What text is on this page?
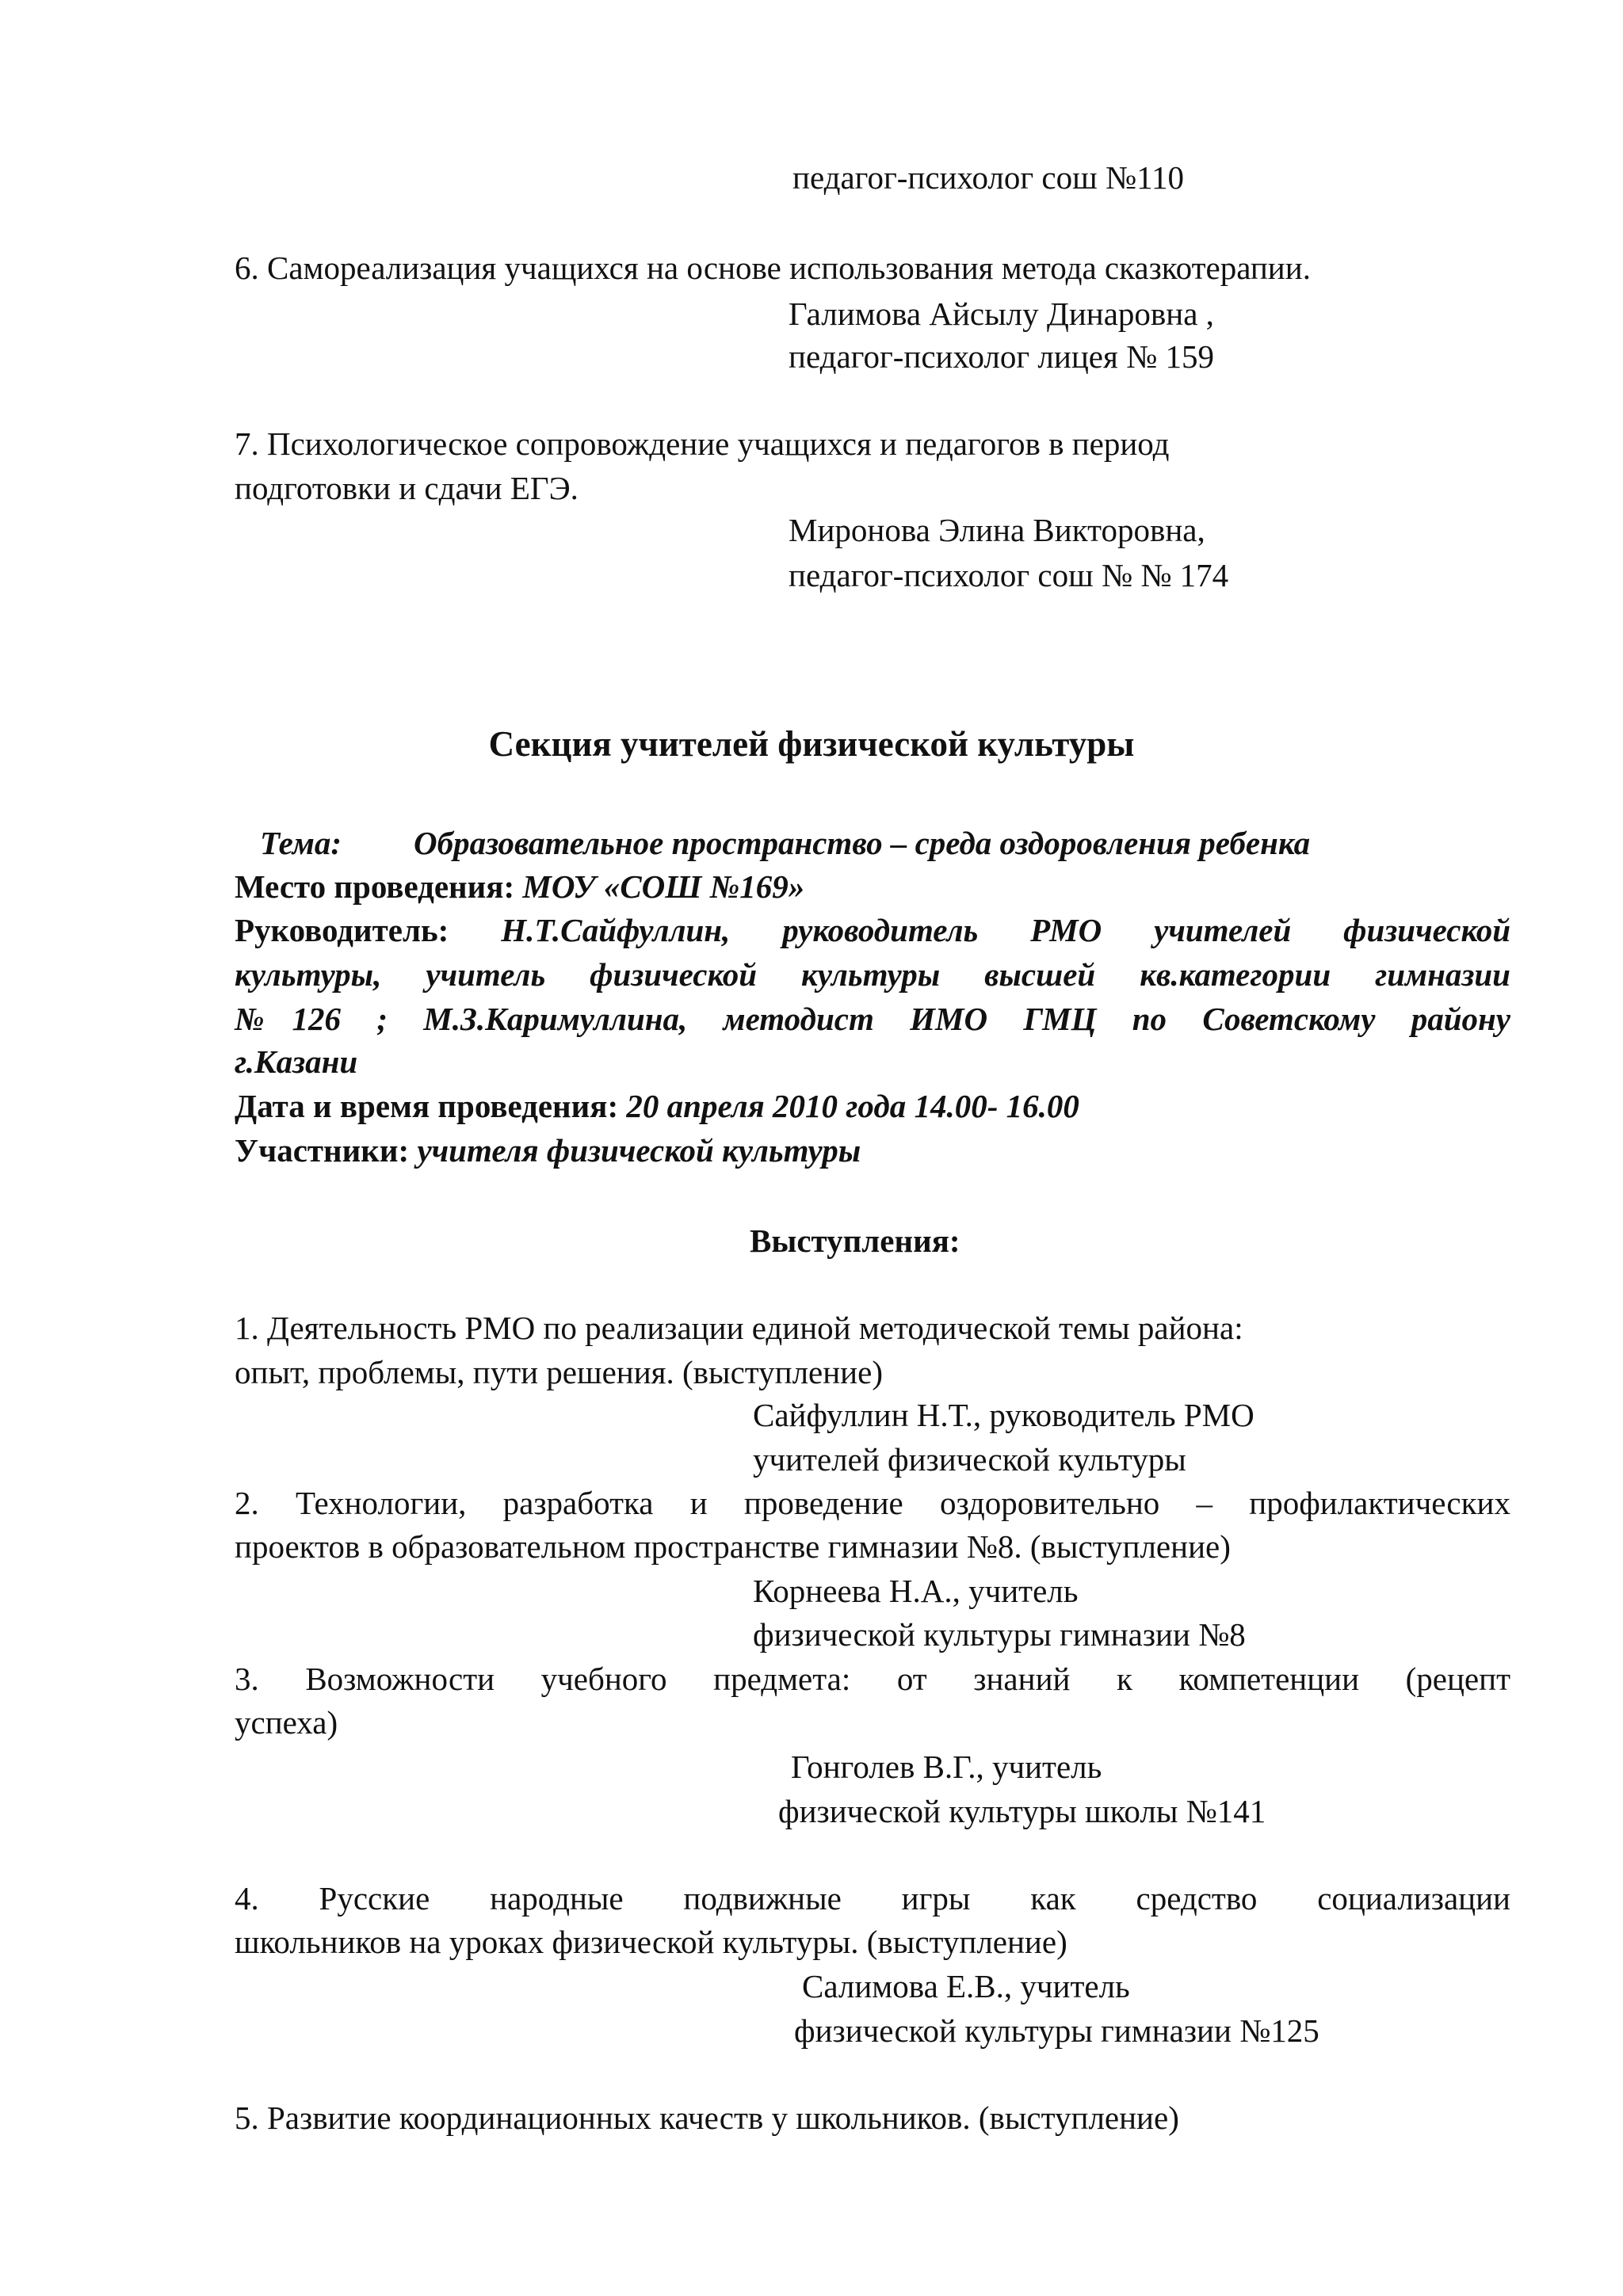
педагог-психолог сош №110
6. Самореализация учащихся на основе использования метода сказкотерапии.
Галимова Айсылу Динаровна ,
педагог-психолог лицея № 159
7. Психологическое сопровождение учащихся и педагогов в период
подготовки и сдачи ЕГЭ.
Миронова Элина Викторовна,
педагог-психолог сош № № 174
Секция учителей физической культуры
Тема: Образовательное пространство – среда оздоровления ребенка
Место проведения: МОУ «СОШ №169»
Руководитель: Н.Т.Сайфуллин, руководитель РМО учителей физической
культуры, учитель физической культуры высшей кв.категории гимназии
№126 ; М.З.Каримуллина, методист ИМО ГМЦ по Советскому району
г.Казани
Дата и время проведения: 20 апреля 2010 года 14.00- 16.00
Участники: учителя физической культуры
Выступления:
1. Деятельность РМО по реализации единой методической темы района:
опыт, проблемы, пути решения. (выступление)
Сайфуллин Н.Т., руководитель РМО
учителей физической культуры
2. Технологии, разработка и проведение оздоровительно – профилактических
проектов в образовательном пространстве гимназии №8. (выступление)
Корнеева Н.А., учитель
физической культуры гимназии №8
3. Возможности учебного предмета: от знаний к компетенции (рецепт
успеха)
Гонголев В.Г., учитель
физической культуры школы №141
4. Русские народные подвижные игры как средство социализации
школьников на уроках физической культуры. (выступление)
Салимова Е.В., учитель
физической культуры гимназии №125
5. Развитие координационных качеств у школьников. (выступление)
